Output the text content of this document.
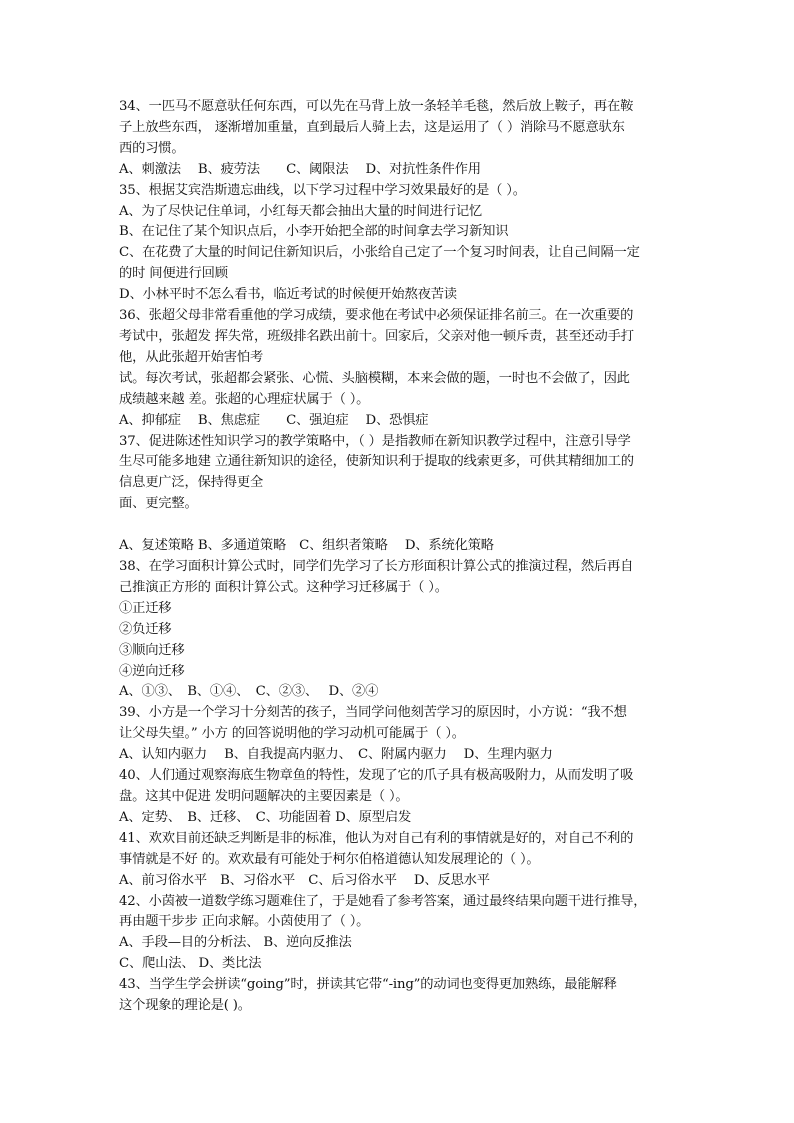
34、一匹马不愿意驮任何东西，可以先在马背上放一条轻羊毛毯，然后放上鞍子，再在鞍
子上放些东西， 逐渐增加重量，直到最后人骑上去，这是运用了（ ）消除马不愿意驮东
西的习惯。
A、刺激法　 B、疲劳法　　C、阈限法　 D、对抗性条件作用
35、根据艾宾浩斯遗忘曲线，以下学习过程中学习效果最好的是（ ）。
A、为了尽快记住单词，小红每天都会抽出大量的时间进行记忆
B、在记住了某个知识点后，小李开始把全部的时间拿去学习新知识
C、在花费了大量的时间记住新知识后，小张给自己定了一个复习时间表，让自己间隔一定
的时 间便进行回顾
D、小林平时不怎么看书，临近考试的时候便开始熬夜苦读
36、张超父母非常看重他的学习成绩，要求他在考试中必须保证排名前三。在一次重要的
考试中，张超发 挥失常，班级排名跌出前十。回家后，父亲对他一顿斥责，甚至还动手打
他，从此张超开始害怕考
试。每次考试，张超都会紧张、心慌、头脑模糊，本来会做的题，一时也不会做了，因此
成绩越来越 差。张超的心理症状属于（ ）。
A、抑郁症　 B、焦虑症　　C、强迫症　 D、恐惧症
37、促进陈述性知识学习的教学策略中，（ ）是指教师在新知识教学过程中，注意引导学
生尽可能多地建 立通往新知识的途径，使新知识利于提取的线索更多，可供其精细加工的
信息更广泛，保持得更全
面、更完整。
A、复述策略 B、多通道策略　C、组织者策略　 D、系统化策略
38、在学习面积计算公式时，同学们先学习了长方形面积计算公式的推演过程，然后再自
己推演正方形的 面积计算公式。这种学习迁移属于（ ）。
①正迁移
②负迁移
③顺向迁移
④逆向迁移
A、①③、　B、①④、　C、②③、　 D、②④
39、小方是一个学习十分刻苦的孩子，当同学问他刻苦学习的原因时，小方说：“我不想
让父母失望。” 小方 的回答说明他的学习动机可能属于（ ）。
A、认知内驱力　 B、自我提高内驱力、　C、附属内驱力　 D、生理内驱力
40、人们通过观察海底生物章鱼的特性，发现了它的爪子具有极高吸附力，从而发明了吸
盘。这其中促进 发明问题解决的主要因素是（ ）。
A、定势、　B、迁移、　C、功能固着 D、原型启发
41、欢欢目前还缺乏判断是非的标准，他认为对自己有利的事情就是好的，对自己不利的
事情就是不好 的。欢欢最有可能处于柯尔伯格道德认知发展理论的（ ）。
A、前习俗水平　B、习俗水平　C、后习俗水平　 D、反思水平
42、小茵被一道数学练习题难住了，于是她看了参考答案，通过最终结果向题干进行推导，
再由题干步步 正向求解。小茵使用了（ ）。
A、手段—目的分析法、 B、逆向反推法
C、爬山法、 D、类比法
43、当学生学会拼读“going”时，拼读其它带“-ing”的动词也变得更加熟练，最能解释
这个现象的理论是( )。
